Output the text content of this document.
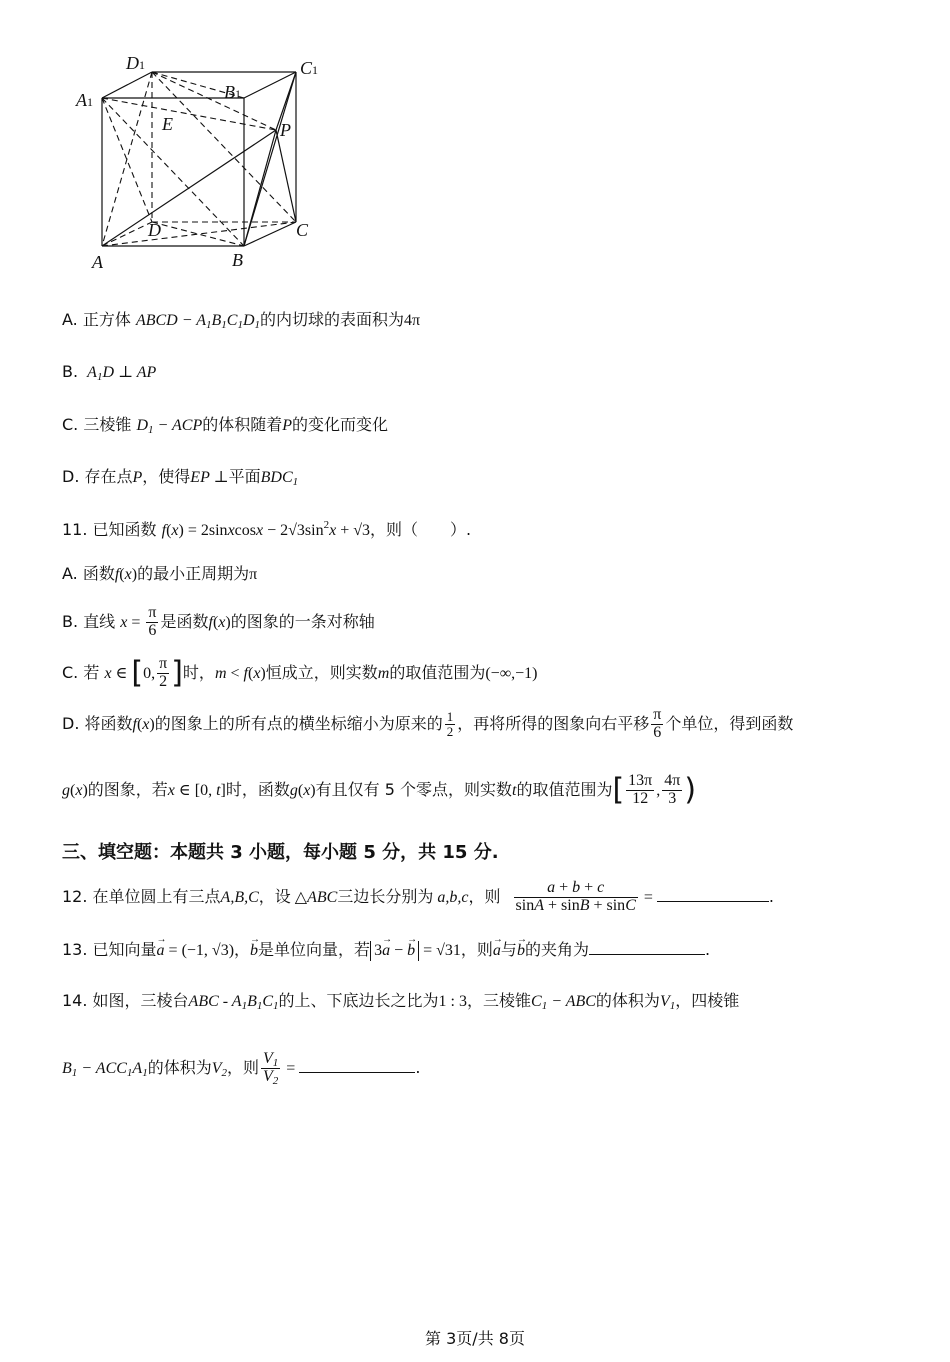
D1	C1
A1	B1
E	P
D	C
A	B
A. 正方体 ABCD − $A_1B_1C_1D_1$的内切球的表面积为4π
B.  $A_1D$ ⊥ AP
C. 三棱锥 $D_1$ − ACP的体积随着P的变化而变化
D. 存在点P，使得EP ⊥平面$BDC_1$
11. 已知函数 f(x) = 2sinxcosx − $2√3\sin^2x + √3$，则（　　）.
A. 函数f(x)的最小正周期为π
B. 直线 $x = \frac{\pi}{6}$ 是函数f(x)的图象的一条对称轴
C. 若 x ∈ [0, $\frac{\pi}{2}$ ]时，m < f(x)恒成立，则实数m的取值范围为(−∞,−1)
D. 将函数f(x)的图象上的所有点的横坐标缩小为原来的 $\frac{1}{2}$ ，再将所得的图象向右平移 $\frac{\pi}{6}$ 个单位，得到函数
g(x)的图象，若x ∈ [0, t]时，函数g(x)有且仅有 5 个零点，则实数t的取值范围为[ $\frac{13\pi}{12}$ , $\frac{4\pi}{3}$ )
三、填空题：本题共 3 小题，每小题 5 分，共 15 分.
12. 在单位圆上有三点A,B,C，设 △ABC三边长分别为 a,b,c，则 $\frac{a + b + c}{\sin A + \sin B + \sin C}$ =	.
13. 已知向量→ a = (−1, √3)，→ b是单位向量，若 3→ a − → b = √31，则→ a与→ b的夹角为	.
14. 如图，三棱台ABC - $A_1B_1C_1$的上、下底边长之比为1 : 3，三棱锥$C_1$ − ABC的体积为$V_1$，四棱锥
$B_1 - ACC_1A_1$的体积为$V_2$，则 $\frac{V_1}{V_2}$ =	.
第 3页/共 8页
